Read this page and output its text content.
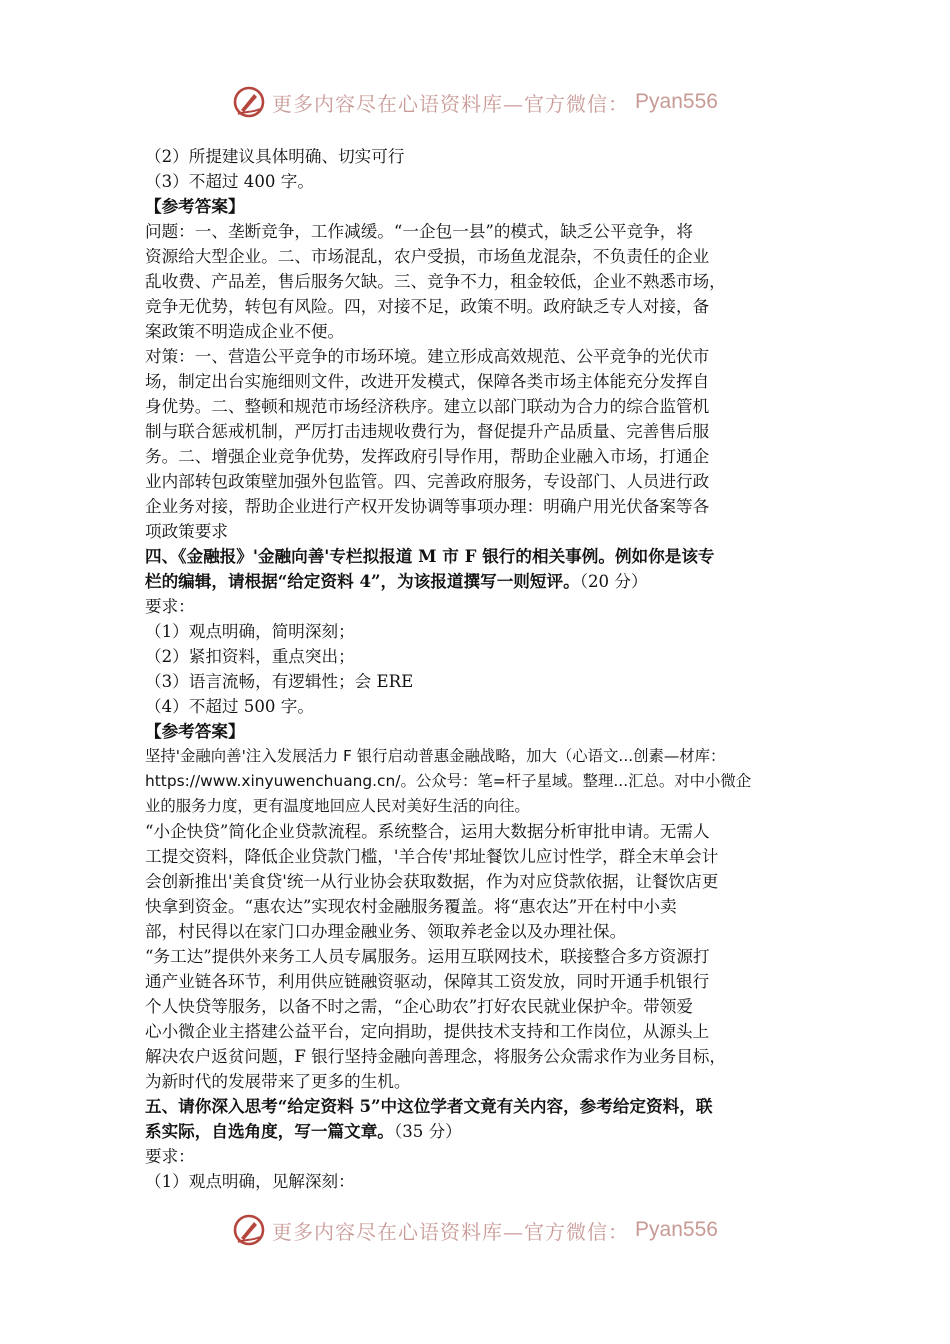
更多内容尽在心语资料库—官方微信： Pyan556
（2）所提建议具体明确、切实可行
（3）不超过 400 字。
【参考答案】
问题：一、垄断竞争，工作减缓。“一企包一县”的模式，缺乏公平竞争，将
资源给大型企业。二、市场混乱，农户受损，市场鱼龙混杂，不负责任的企业
乱收费、产品差，售后服务欠缺。三、竞争不力，租金较低，企业不熟悉市场，
竞争无优势，转包有风险。四，对接不足，政策不明。政府缺乏专人对接，备
案政策不明造成企业不便。
对策：一、营造公平竞争的市场环境。建立形成高效规范、公平竞争的光伏市
场，制定出台实施细则文件，改进开发模式，保障各类市场主体能充分发挥自
身优势。二、整顿和规范市场经济秩序。建立以部门联动为合力的综合监管机
制与联合惩戒机制，严厉打击违规收费行为，督促提升产品质量、完善售后服
务。二、增强企业竞争优势，发挥政府引导作用，帮助企业融入市场，打通企
业内部转包政策壁加强外包监管。四、完善政府服务，专设部门、人员进行政
企业务对接，帮助企业进行产权开发协调等事项办理：明确户用光伏备案等各
项政策要求
四、《金融报》'金融向善'专栏拟报道 M 市 F 银行的相关事例。例如你是该专
栏的编辑，请根据“给定资料 4”，为该报道撰写一则短评。（20 分）
要求：
（1）观点明确，简明深刻；
（2）紧扣资料，重点突出；
（3）语言流畅，有逻辑性；会 ERE
（4）不超过 500 字。
【参考答案】
坚持'金融向善'注入发展活力 F 银行启动普惠金融战略，加大（心语文...创素—材库：
https://www.xinyuwenchuang.cn/。公众号：笔=杆子星域。整理...汇总。对中小微企
业的服务力度，更有温度地回应人民对美好生活的向往。
“小企快贷”简化企业贷款流程。系统整合，运用大数据分析审批申请。无需人
工提交资料，降低企业贷款门槛，'羊合传'邦址餐饮儿应讨性学，群全末单会计
会创新推出'美食贷'统一从行业协会获取数据，作为对应贷款依据，让餐饮店更
快拿到资金。“惠农达”实现农村金融服务覆盖。将“惠农达”开在村中小卖
部，村民得以在家门口办理金融业务、领取养老金以及办理社保。
“务工达”提供外来务工人员专属服务。运用互联网技术，联接整合多方资源打
通产业链各环节，利用供应链融资驱动，保障其工资发放，同时开通手机银行
个人快贷等服务，以备不时之需，“企心助农”打好农民就业保护伞。带领爱
心小微企业主搭建公益平台，定向捐助，提供技术支持和工作岗位，从源头上
解决农户返贫问题，F 银行坚持金融向善理念，将服务公众需求作为业务目标，
为新时代的发展带来了更多的生机。
五、请你深入思考“给定资料 5”中这位学者文竟有关内容，参考给定资料，联
系实际，自选角度，写一篇文章。（35 分）
要求：
（1）观点明确，见解深刻：
更多内容尽在心语资料库—官方微信： Pyan556
